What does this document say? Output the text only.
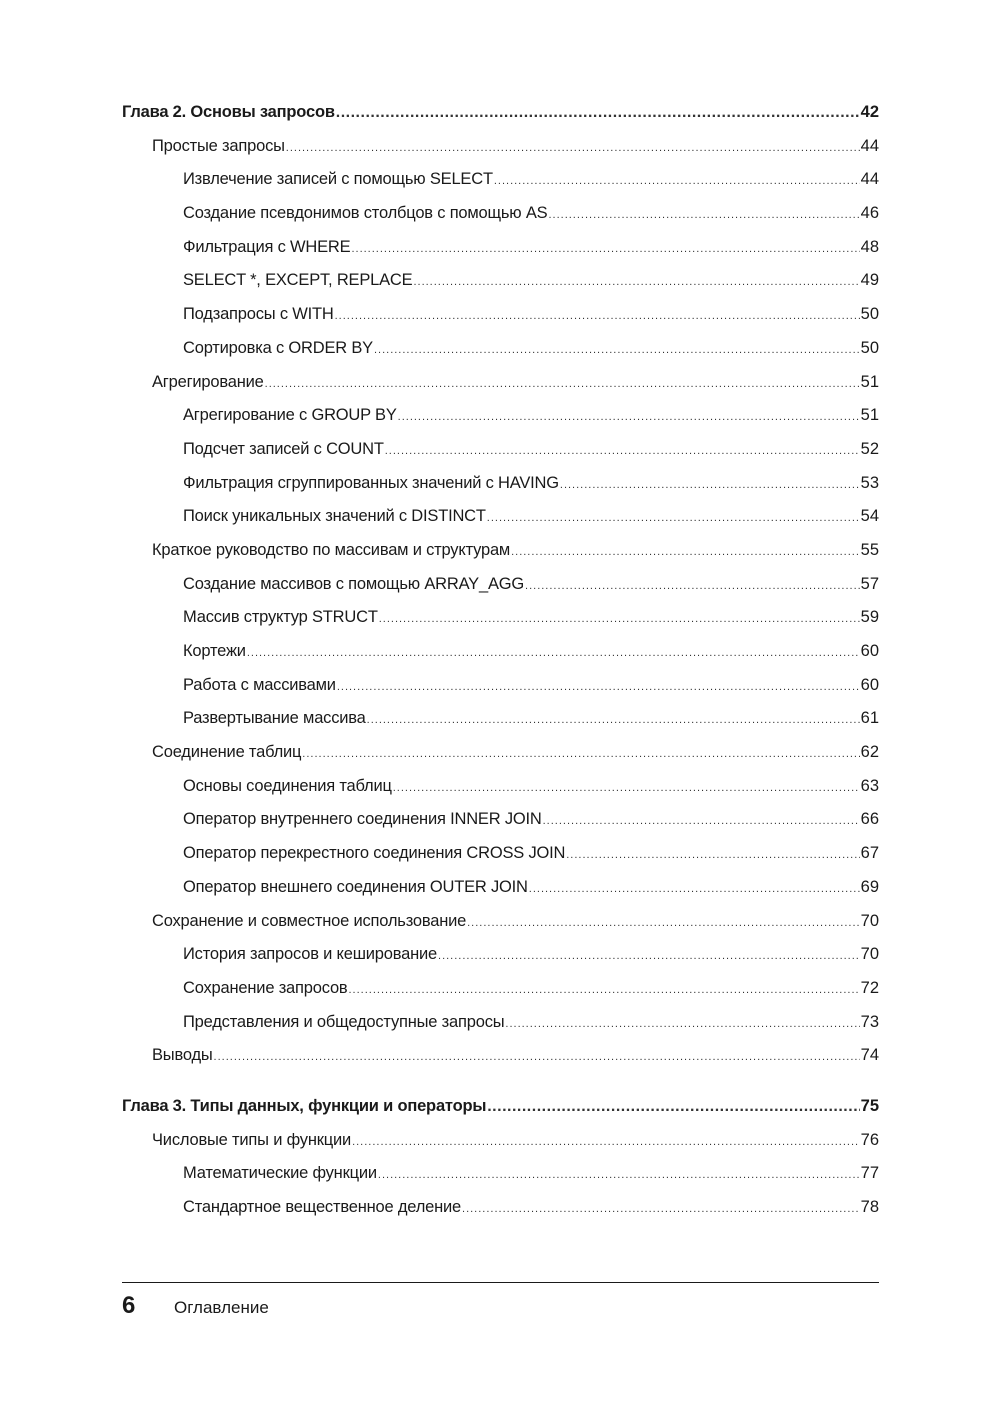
Глава 2. Основы запросов .....	42
Простые запросы .....	44
Извлечение записей с помощью SELECT .....	44
Создание псевдонимов столбцов с помощью AS .....	46
Фильтрация с WHERE .....	48
SELECT *, EXCEPT, REPLACE .....	49
Подзапросы с WITH .....	50
Сортировка с ORDER BY .....	50
Агрегирование .....	51
Агрегирование с GROUP BY .....	51
Подсчет записей с COUNT .....	52
Фильтрация сгруппированных значений с HAVING .....	53
Поиск уникальных значений с DISTINCT .....	54
Краткое руководство по массивам и структурам .....	55
Создание массивов с помощью ARRAY_AGG .....	57
Массив структур STRUCT .....	59
Кортежи .....	60
Работа с массивами .....	60
Развертывание массива .....	61
Соединение таблиц .....	62
Основы соединения таблиц .....	63
Оператор внутреннего соединения INNER JOIN .....	66
Оператор перекрестного соединения CROSS JOIN .....	67
Оператор внешнего соединения OUTER JOIN .....	69
Сохранение и совместное использование .....	70
История запросов и кеширование .....	70
Сохранение запросов .....	72
Представления и общедоступные запросы .....	73
Выводы .....	74
Глава 3. Типы данных, функции и операторы .....	75
Числовые типы и функции .....	76
Математические функции .....	77
Стандартное вещественное деление .....	78
6	Оглавление
